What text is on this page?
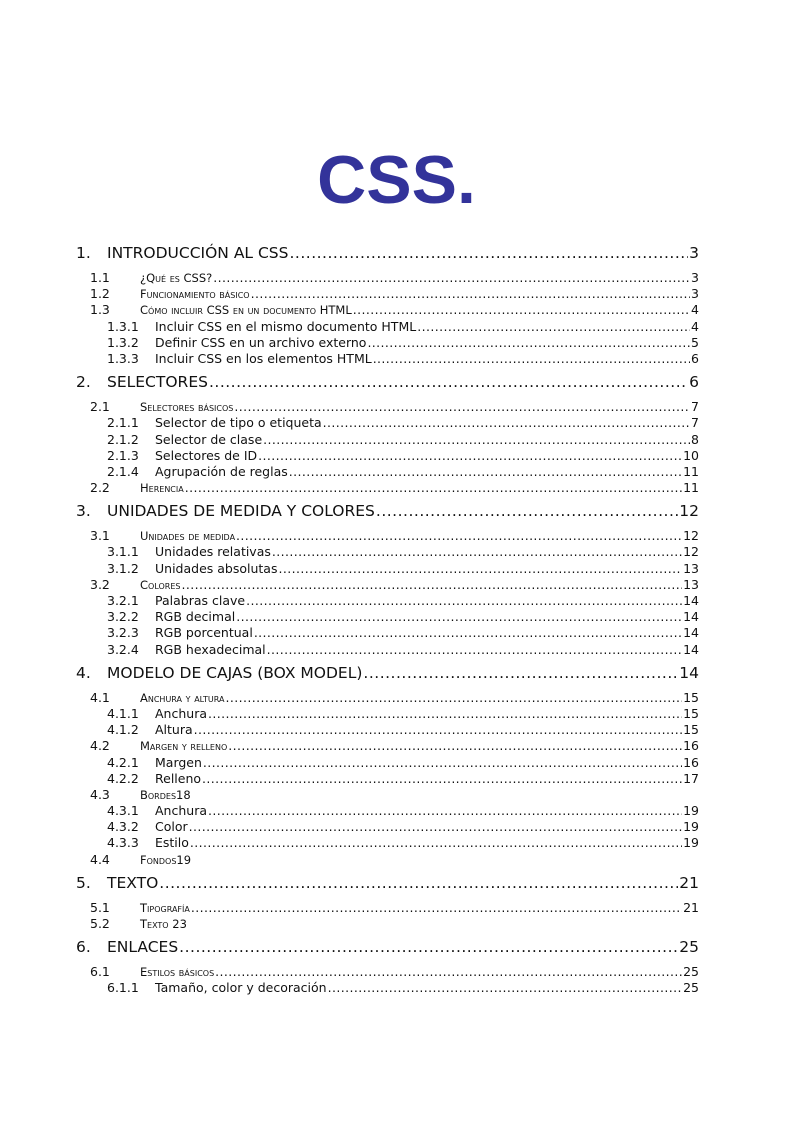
CSS.
1.	INTRODUCCIÓN AL CSS .....	3
1.1	¿Qué es CSS? .....	3
1.2	Funcionamiento básico .....	3
1.3	Cómo incluir CSS en un documento HTML .....	4
1.3.1	Incluir CSS en el mismo documento HTML .....	4
1.3.2	Definir CSS en un archivo externo .....	5
1.3.3	Incluir CSS en los elementos HTML .....	6
2.	SELECTORES .....	6
2.1	Selectores básicos .....	7
2.1.1	Selector de tipo o etiqueta .....	7
2.1.2	Selector de clase .....	8
2.1.3	Selectores de ID .....	10
2.1.4	Agrupación de reglas .....	11
2.2	Herencia .....	11
3.	UNIDADES DE MEDIDA Y COLORES .....	12
3.1	Unidades de medida .....	12
3.1.1	Unidades relativas .....	12
3.1.2	Unidades absolutas .....	13
3.2	Colores .....	13
3.2.1	Palabras clave .....	14
3.2.2	RGB decimal .....	14
3.2.3	RGB porcentual .....	14
3.2.4	RGB hexadecimal .....	14
4.	MODELO DE CAJAS (BOX MODEL) .....	14
4.1	Anchura y altura .....	15
4.1.1	Anchura .....	15
4.1.2	Altura .....	15
4.2	Margen y relleno .....	16
4.2.1	Margen .....	16
4.2.2	Relleno .....	17
4.3	Bordes18
4.3.1	Anchura .....	19
4.3.2	Color .....	19
4.3.3	Estilo .....	19
4.4	Fondos19
5.	TEXTO .....	21
5.1	Tipografía .....	21
5.2	Texto 23
6.	ENLACES .....	25
6.1	Estilos básicos .....	25
6.1.1	Tamaño, color y decoración .....	25
